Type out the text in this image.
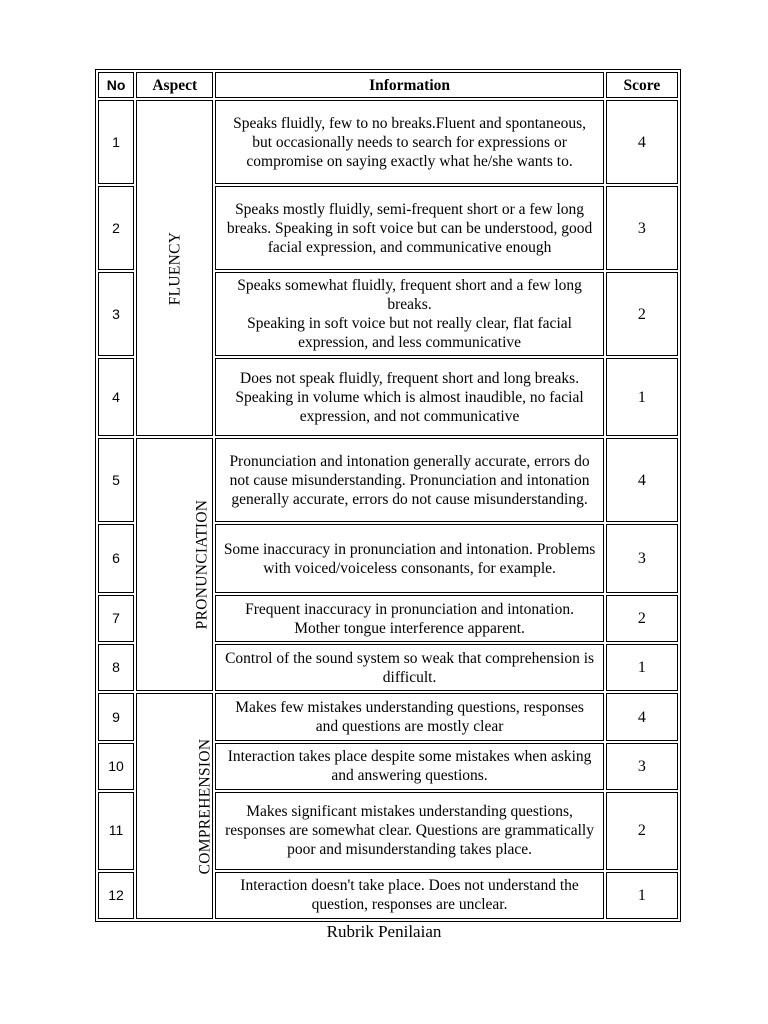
No	Aspect	Information	Score
1	FLUENCY	Speaks fluidly, few to no breaks.Fluent and spontaneous, but occasionally needs to search for expressions or compromise on saying exactly what he/she wants to.	4
2		Speaks mostly fluidly, semi-frequent short or a few long breaks. Speaking in soft voice but can be understood, good facial expression, and communicative enough	3
3		Speaks somewhat fluidly, frequent short and a few long breaks.
Speaking in soft voice but not really clear, flat facial expression, and less communicative	2
4		Does not speak fluidly, frequent short and long breaks.
Speaking in volume which is almost inaudible, no facial expression, and not communicative	1
5	PRONUNCIATION	Pronunciation and intonation generally accurate, errors do not cause misunderstanding. Pronunciation and intonation generally accurate, errors do not cause misunderstanding.	4
6		Some inaccuracy in pronunciation and intonation. Problems with voiced/voiceless consonants, for example.	3
7		Frequent inaccuracy in pronunciation and intonation. Mother tongue interference apparent.	2
8		Control of the sound system so weak that comprehension is difficult.	1
9	COMPREHENSION	Makes few mistakes understanding questions, responses and questions are mostly clear	4
10		Interaction takes place despite some mistakes when asking and answering questions.	3
11		Makes significant mistakes understanding questions, responses are somewhat clear. Questions are grammatically poor and misunderstanding takes place.	2
12		Interaction doesn't take place. Does not understand the question, responses are unclear.	1
Rubrik Penilaian
